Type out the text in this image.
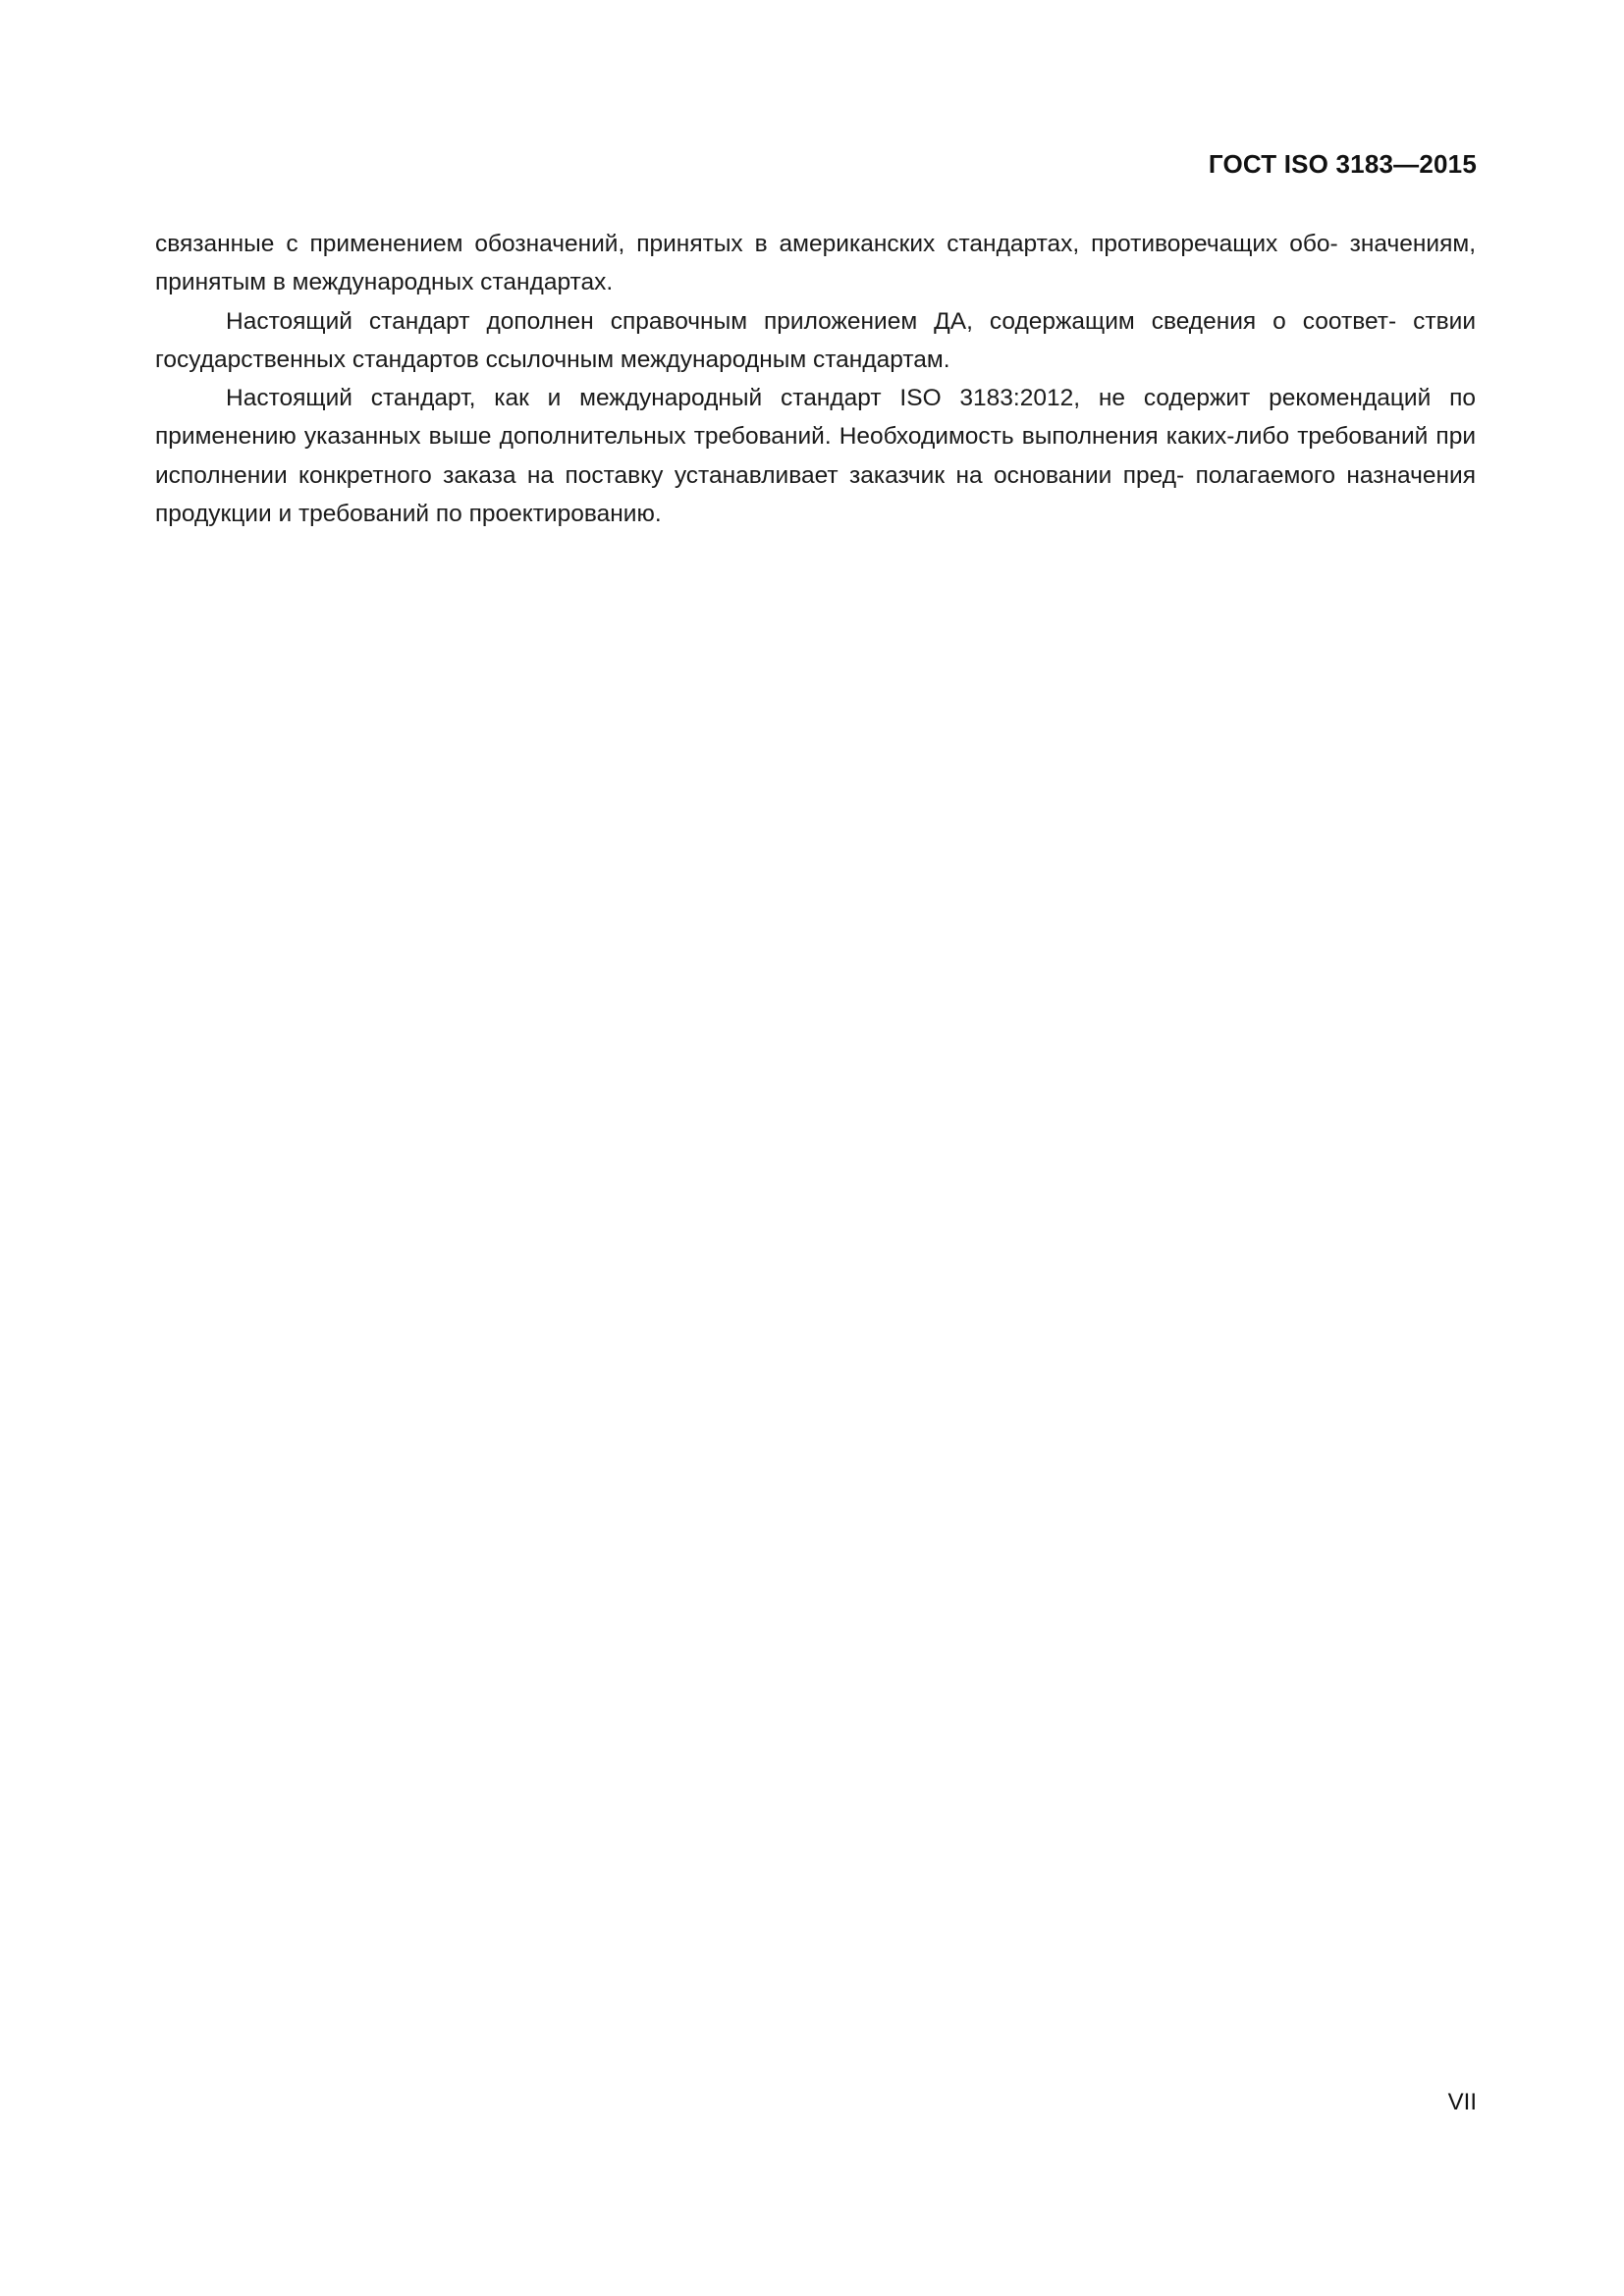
ГОСТ ISO 3183—2015

связанные с применением обозначений, принятых в американских стандартах, противоречащих обо- значениям, принятым в международных стандартах.

Настоящий стандарт дополнен справочным приложением ДА, содержащим сведения о соответ- ствии государственных стандартов ссылочным международным стандартам.

Настоящий стандарт, как и международный стандарт ISO 3183:2012, не содержит рекомендаций по применению указанных выше дополнительных требований. Необходимость выполнения каких-либо требований при исполнении конкретного заказа на поставку устанавливает заказчик на основании пред- полагаемого назначения продукции и требований по проектированию.

VII
